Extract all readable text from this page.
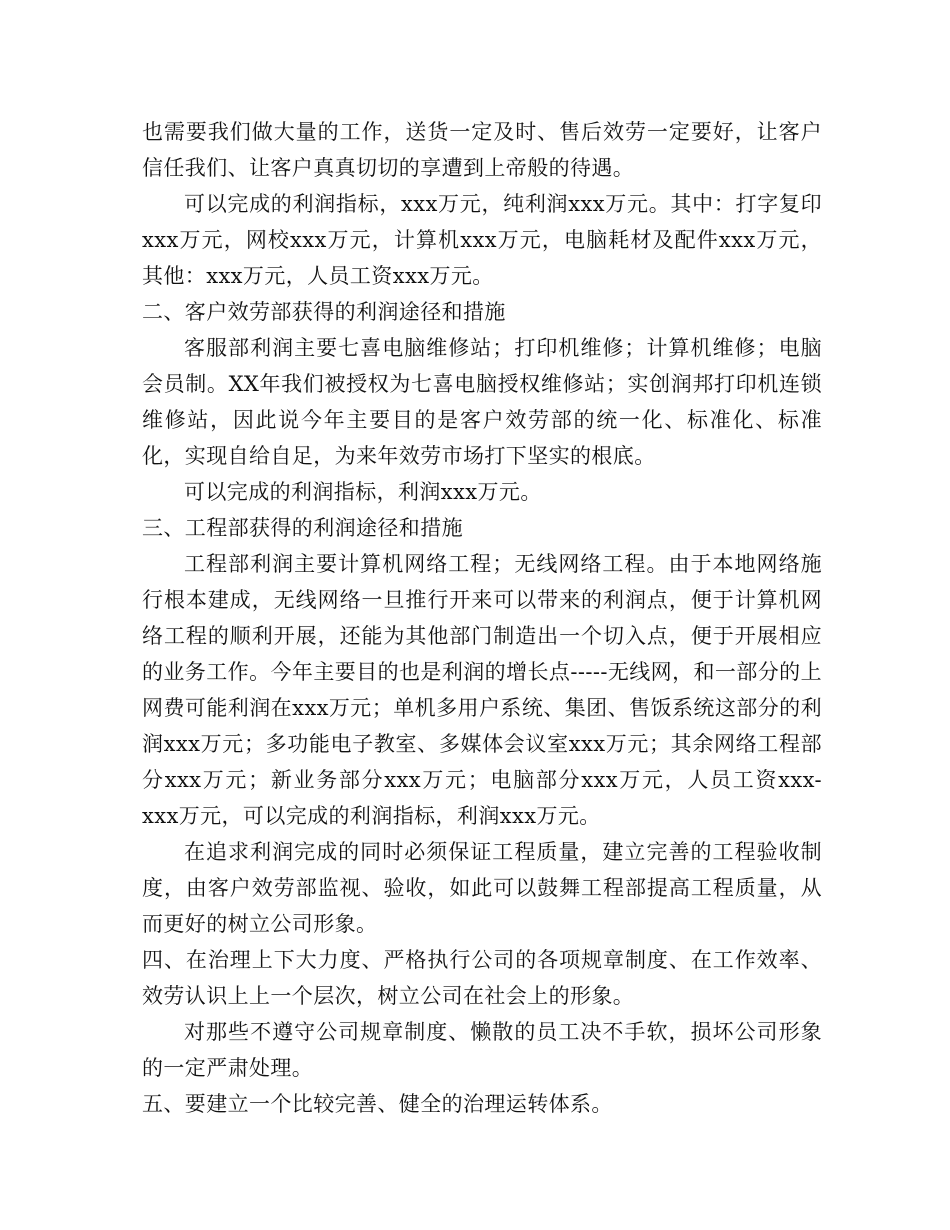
也需要我们做大量的工作，送货一定及时、售后效劳一定要好，让客户信任我们、让客户真真切切的享遭到上帝般的待遇。

可以完成的利润指标，xxx万元，纯利润xxx万元。其中：打字复印xxx万元，网校xxx万元，计算机xxx万元，电脑耗材及配件xxx万元，其他：xxx万元，人员工资xxx万元。

二、客户效劳部获得的利润途径和措施

客服部利润主要七喜电脑维修站；打印机维修；计算机维修；电脑会员制。XX年我们被授权为七喜电脑授权维修站；实创润邦打印机连锁维修站，因此说今年主要目的是客户效劳部的统一化、标准化、标准化，实现自给自足，为来年效劳市场打下坚实的根底。

可以完成的利润指标，利润xxx万元。

三、工程部获得的利润途径和措施

工程部利润主要计算机网络工程；无线网络工程。由于本地网络施行根本建成，无线网络一旦推行开来可以带来的利润点，便于计算机网络工程的顺利开展，还能为其他部门制造出一个切入点，便于开展相应的业务工作。今年主要目的也是利润的增长点-----无线网，和一部分的上网费可能利润在xxx万元；单机多用户系统、集团、售饭系统这部分的利润xxx万元；多功能电子教室、多媒体会议室xxx万元；其余网络工程部分xxx万元；新业务部分xxx万元；电脑部分xxx万元，人员工资xxx-xxx万元，可以完成的利润指标，利润xxx万元。

在追求利润完成的同时必须保证工程质量，建立完善的工程验收制度，由客户效劳部监视、验收，如此可以鼓舞工程部提高工程质量，从而更好的树立公司形象。

四、在治理上下大力度、严格执行公司的各项规章制度、在工作效率、效劳认识上上一个层次，树立公司在社会上的形象。

对那些不遵守公司规章制度、懒散的员工决不手软，损坏公司形象的一定严肃处理。

五、要建立一个比较完善、健全的治理运转体系。
